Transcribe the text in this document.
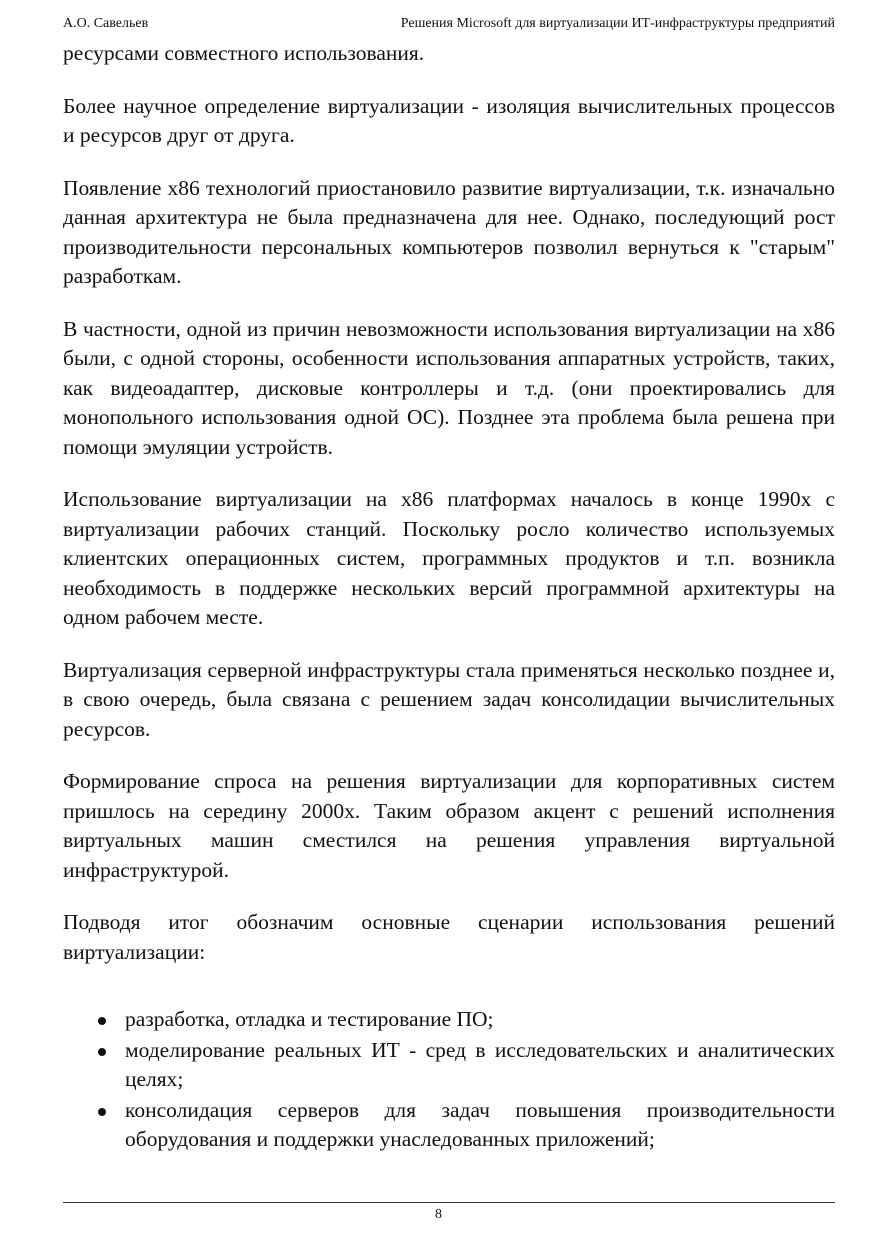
А.О. Савельев	Решения Microsoft для виртуализации ИТ-инфраструктуры предприятий

ресурсами совместного использования.

Более научное определение виртуализации - изоляция вычислительных процессов и ресурсов друг от друга.

Появление x86 технологий приостановило развитие виртуализации, т.к. изначально данная архитектура не была предназначена для нее. Однако, последующий рост производительности персональных компьютеров позволил вернуться к "старым" разработкам.

В частности, одной из причин невозможности использования виртуализации на x86 были, с одной стороны, особенности использования аппаратных устройств, таких, как видеоадаптер, дисковые контроллеры и т.д. (они проектировались для монопольного использования одной ОС). Позднее эта проблема была решена при помощи эмуляции устройств.

Использование виртуализации на x86 платформах началось в конце 1990х с виртуализации рабочих станций. Поскольку росло количество используемых клиентских операционных систем, программных продуктов и т.п. возникла необходимость в поддержке нескольких версий программной архитектуры на одном рабочем месте.

Виртуализация серверной инфраструктуры стала применяться несколько позднее и, в свою очередь, была связана с решением задач консолидации вычислительных ресурсов.

Формирование спроса на решения виртуализации для корпоративных систем пришлось на середину 2000х. Таким образом акцент с решений исполнения виртуальных машин сместился на решения управления виртуальной инфраструктурой.

Подводя итог обозначим основные сценарии использования решений виртуализации:

разработка, отладка и тестирование ПО;
моделирование реальных ИТ - сред в исследовательских и аналитических целях;
консолидация серверов для задач повышения производительности оборудования и поддержки унаследованных приложений;
8
